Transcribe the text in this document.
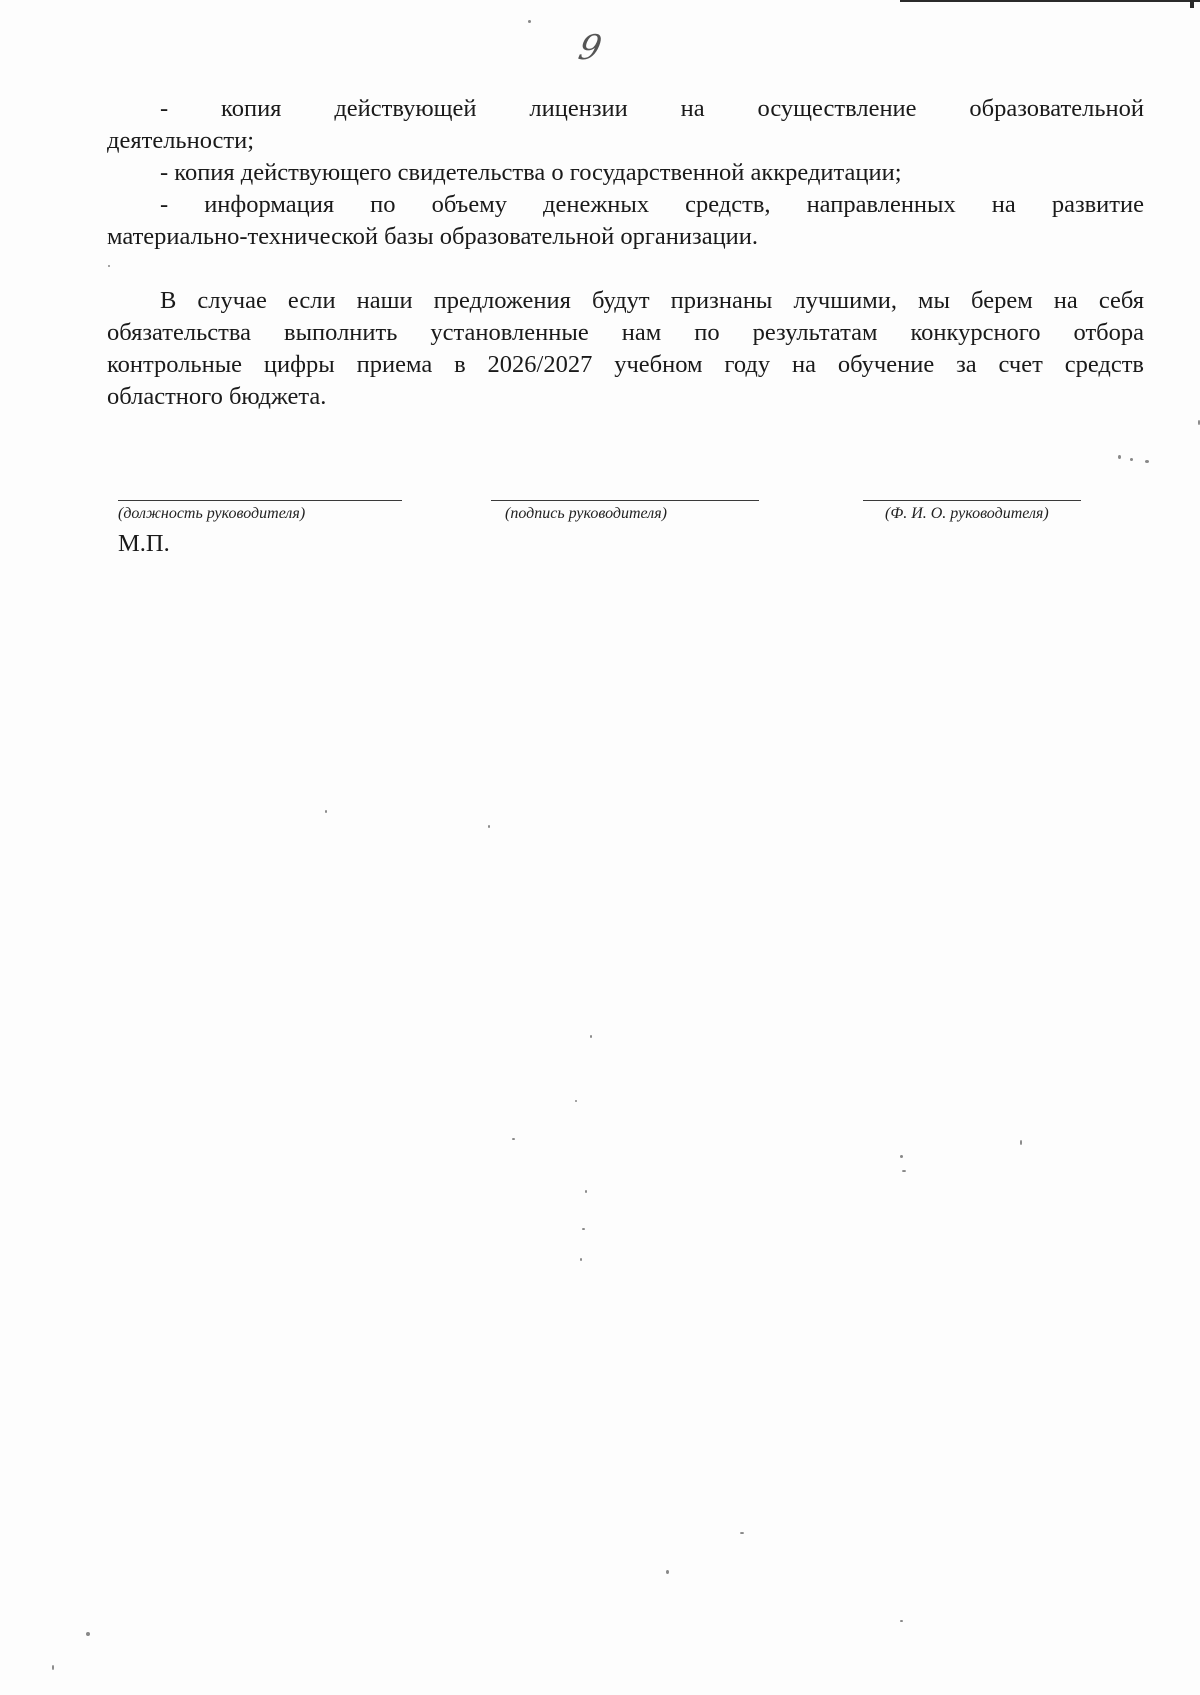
9
- копия действующей лицензии на осуществление образовательной
деятельности;
- копия действующего свидетельства о государственной аккредитации;
- информация по объему денежных средств, направленных на развитие
материально-технической базы образовательной организации.
В случае если наши предложения будут признаны лучшими, мы берем на себя
обязательства выполнить установленные нам по результатам конкурсного отбора
контрольные цифры приема в 2026/2027 учебном году на обучение за счет средств
областного бюджета.
(должность руководителя)	(подпись руководителя)	(Ф. И. О. руководителя)
М.П.
